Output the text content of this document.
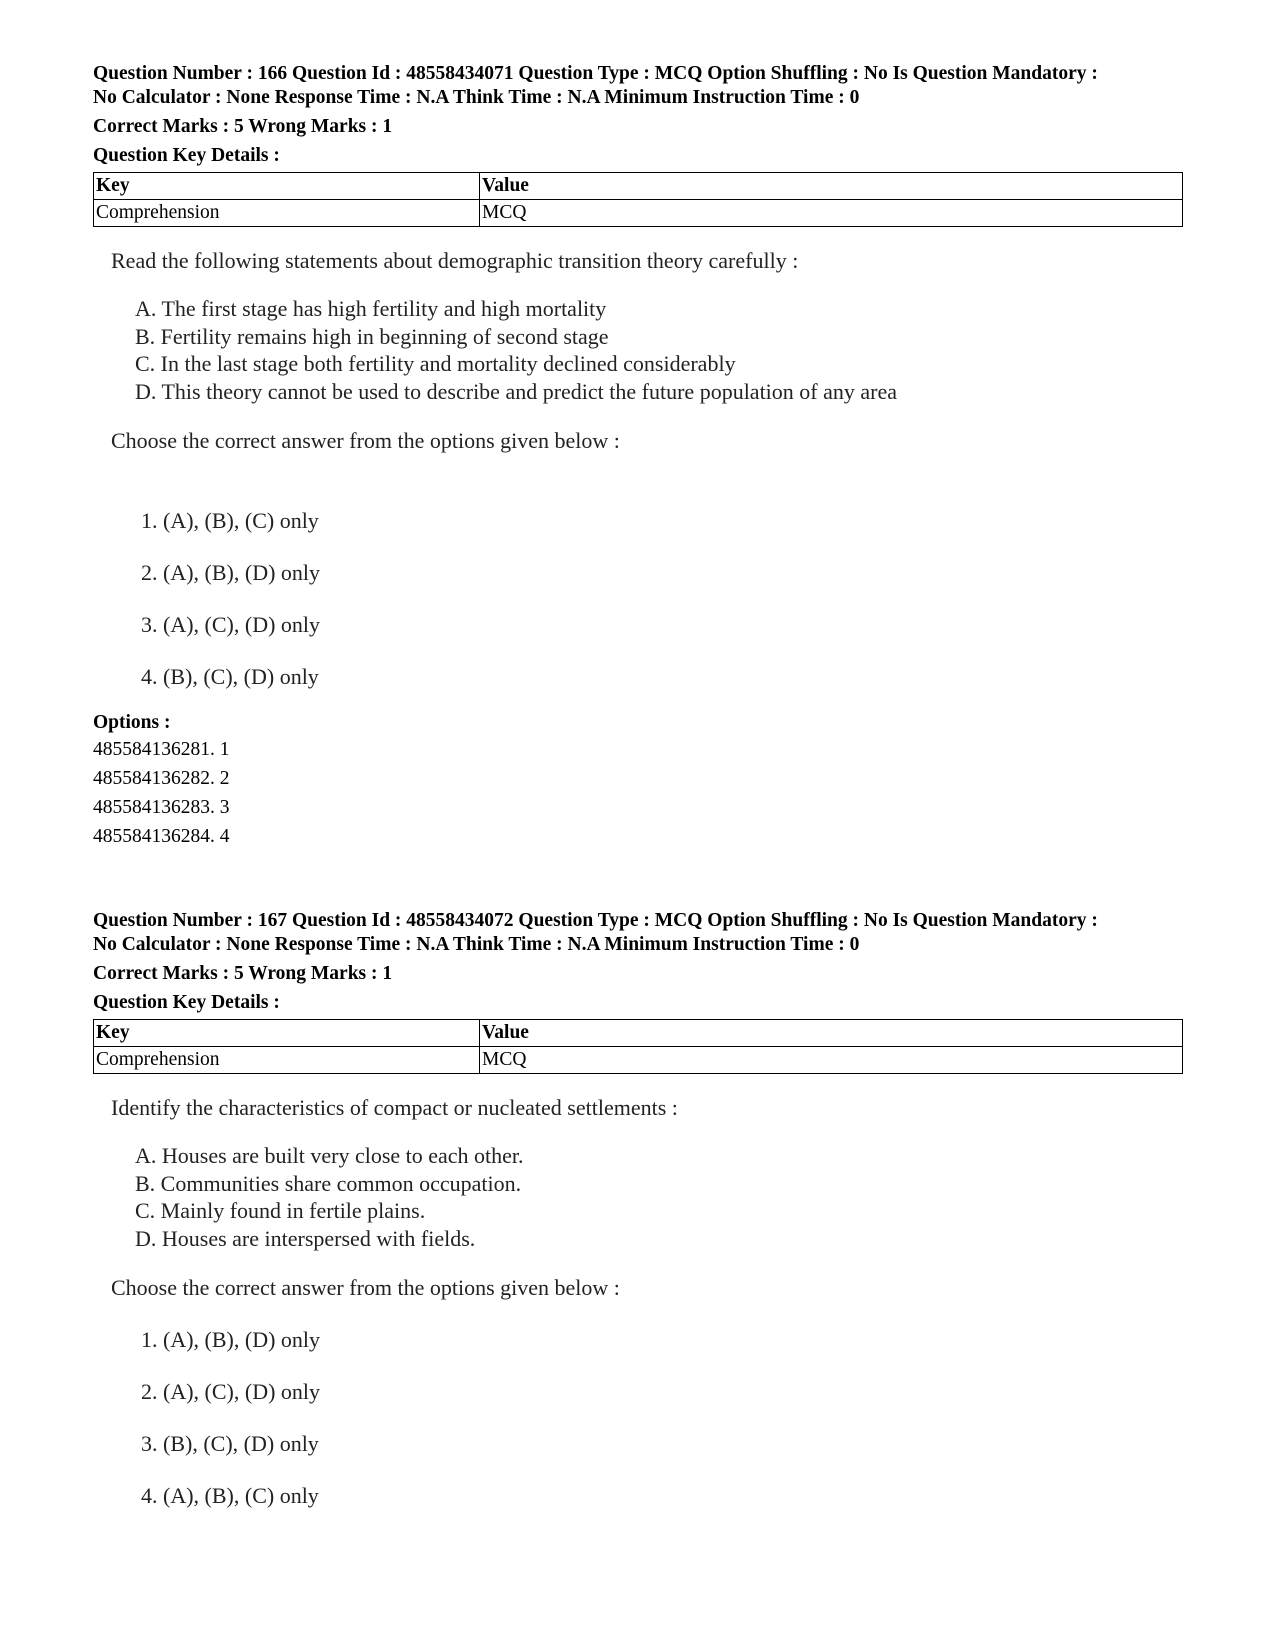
Question Number : 166 Question Id : 48558434071 Question Type : MCQ Option Shuffling : No Is Question Mandatory :

No Calculator : None Response Time : N.A Think Time : N.A Minimum Instruction Time : 0

Correct Marks : 5 Wrong Marks : 1
Question Key Details :
Key	Value
Comprehension	MCQ
Read the following statements about demographic transition theory carefully :
A. The first stage has high fertility and high mortality
B. Fertility remains high in beginning of second stage
C. In the last stage both fertility and mortality declined considerably
D. This theory cannot be used to describe and predict the future population of any area
Choose the correct answer from the options given below :
1. (A), (B), (C) only
2. (A), (B), (D) only
3. (A), (C), (D) only
4. (B), (C), (D) only
Options :
485584136281. 1
485584136282. 2
485584136283. 3
485584136284. 4

Question Number : 167 Question Id : 48558434072 Question Type : MCQ Option Shuffling : No Is Question Mandatory :

No Calculator : None Response Time : N.A Think Time : N.A Minimum Instruction Time : 0

Correct Marks : 5 Wrong Marks : 1
Question Key Details :
Key	Value
Comprehension	MCQ
Identify the characteristics of compact or nucleated settlements :
A. Houses are built very close to each other.
B. Communities share common occupation.
C. Mainly found in fertile plains.
D. Houses are interspersed with fields.
Choose the correct answer from the options given below :
1. (A), (B), (D) only
2. (A), (C), (D) only
3. (B), (C), (D) only
4. (A), (B), (C) only
